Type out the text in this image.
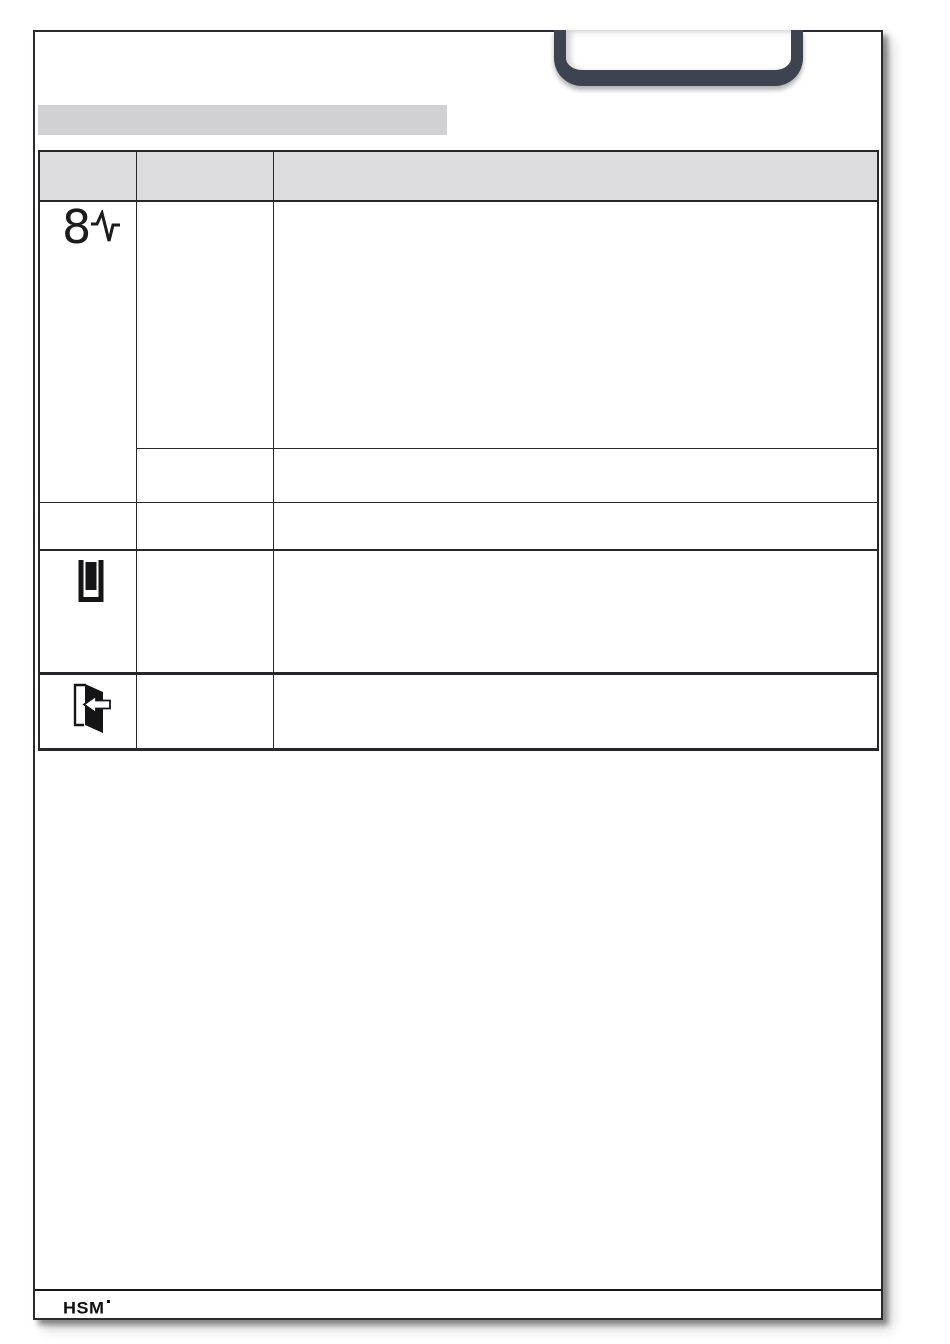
8		

HSM
